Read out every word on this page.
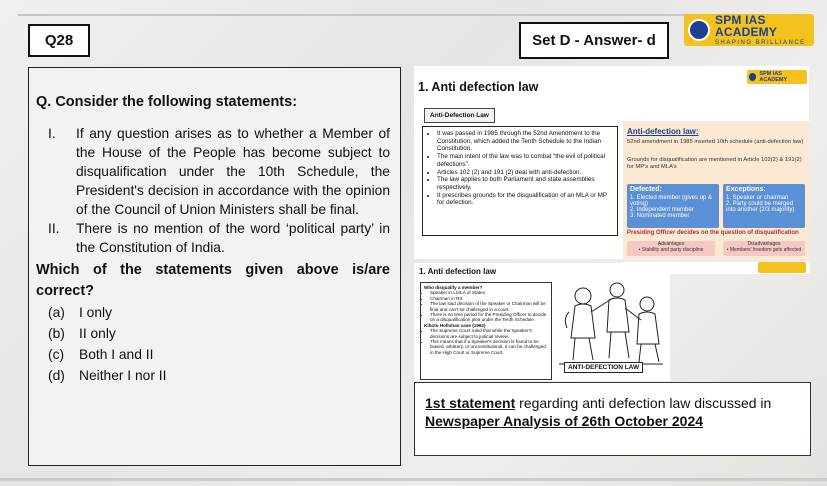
Q28	Set D - Answer- d
SPM IAS ACADEMY
SHAPING BRILLIANCE
Q. Consider the following statements:
I.	If any question arises as to whether a Member of the House of the People has become subject to disqualification under the 10th Schedule, the President's decision in accordance with the opinion of the Council of Union Ministers shall be final.
II.	There is no mention of the word ‘political party’ in the Constitution of India.
Which of the statements given above is/are correct?
(a)	I only
(b)	II only
(c)	Both I and II
(d)	Neither I nor II
1. Anti defection law
SPM IAS ACADEMY
Anti-Defection Law
• It was passed in 1985 through the 52nd Amendment to the Constitution, which added the Tenth Schedule to the Indian Constitution.
• The main intent of the law was to combat “the evil of political defections”.
• Articles 102 (2) and 191 (2) deal with anti-defection.
• The law applies to both Parliament and state assemblies respectively.
• It prescribes grounds for the disqualification of an MLA or MP for defection.
Anti-defection law:
52nd amendment in 1985 inserted 10th schedule (anti-defection law)
Grounds for disqualification are mentioned in Article 102(2) & 191(2) for MP’s and MLA’s
Defected:
1. Elected member (gives up & voting)
2. Independent member
3. Nominated member
Exceptions:
1. Speaker or chairman
2. Party could be merged into another (2/3 majority)
Presiding Officer decides on the question of disqualification
Advantages
• Stability and party discipline
Disadvantages
• Members' freedom gets affected
1. Anti defection law
Who disqualify a member?
• Speaker in LS/LA of States
• Chairman in RS
• The law said decision of the Speaker or Chairman will be final and can't be challenged in a court.
• There is no time period for the Presiding Officer to decide on a disqualification plea under the Tenth Schedule.
Kihoto Hollohan case (1992)
• The Supreme Court ruled that while the Speaker's decisions are subject to judicial review.
• This means that if a Speaker's decision is found to be biased, arbitrary, or unconstitutional, it can be challenged in the High Court or Supreme Court.
ANTI-DEFECTION LAW
1st statement regarding anti defection law discussed in Newspaper Analysis of 26th October 2024
